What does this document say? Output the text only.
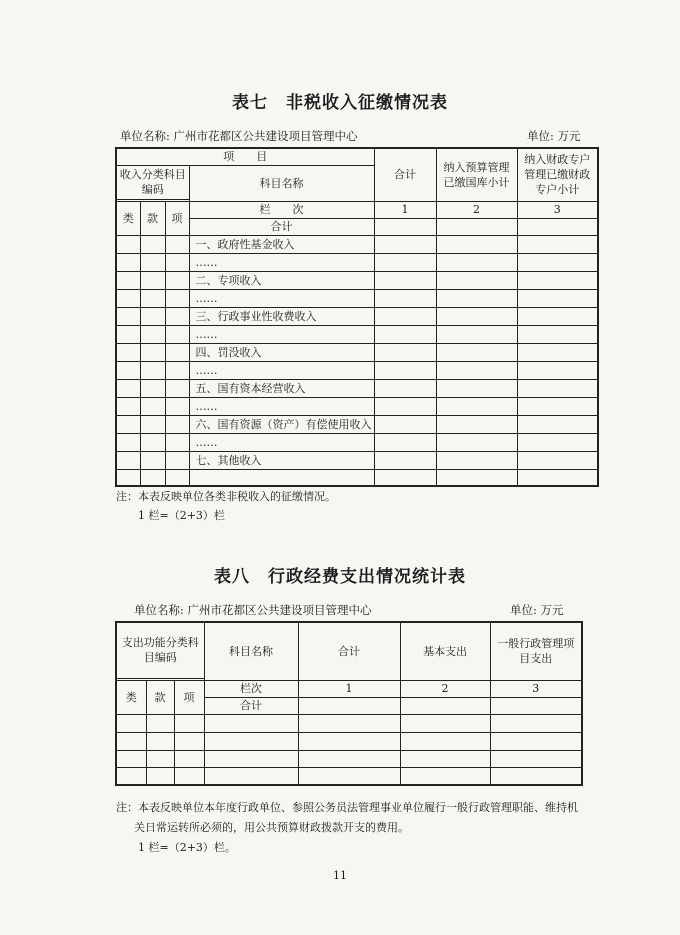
表七　非税收入征缴情况表
单位名称: 广州市花都区公共建设项目管理中心	单位: 万元
项　　目				合计	纳入预算管理已缴国库小计	纳入财政专户管理已缴财政专户小计
收入分类科目编码			科目名称			

类	款	项	栏　　次	1	2	3
			合计			
			一、政府性基金收入			
			……			
			二、专项收入			
			……			
			三、行政事业性收费收入			
			……			
			四、罚没收入			
			……			
			五、国有资本经营收入			
			……			
			六、国有资源（资产）有偿使用收入			
			……			
			七、其他收入			

注：本表反映单位各类非税收入的征缴情况。
1 栏=（2+3）栏
表八　行政经费支出情况统计表
单位名称: 广州市花都区公共建设项目管理中心	单位: 万元
支出功能分类科目编码			科目名称	合计	基本支出	一般行政管理项目支出

类	款	项	栏次	1	2	3
			合计			

注：本表反映单位本年度行政单位、参照公务员法管理事业单位履行一般行政管理职能、维持机
关日常运转所必须的，用公共预算财政拨款开支的费用。
1 栏=（2+3）栏。
11
